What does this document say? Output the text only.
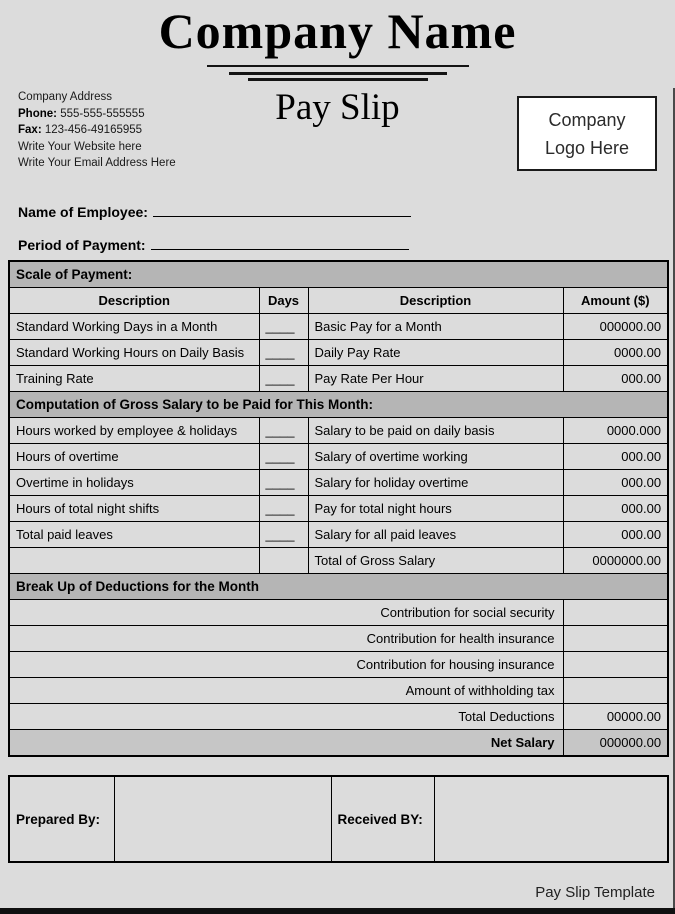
Company Name
Company Address
Phone: 555-555-555555
Fax: 123-456-49165955
Write Your Website here
Write Your Email Address Here
Pay Slip	Company
Logo Here
Name of Employee:
Period of Payment:
Scale of Payment:			
Description	Days	Description	Amount ($)
Standard Working Days in a Month	____	Basic Pay for a Month	000000.00
Standard Working Hours on Daily Basis	____	Daily Pay Rate	0000.00
Training Rate	____	Pay Rate Per Hour	000.00
Computation of Gross Salary to be Paid for This Month:			
Hours worked by employee & holidays	____	Salary to be paid on daily basis	0000.000
Hours of overtime	____	Salary of overtime working	000.00
Overtime in holidays	____	Salary for holiday overtime	000.00
Hours of total night shifts	____	Pay for total night hours	000.00
Total paid leaves	____	Salary for all paid leaves	000.00
		Total of Gross Salary	0000000.00
Break Up of Deductions for the Month			
Contribution for social security			
Contribution for health insurance			
Contribution for housing insurance			
Amount of withholding tax			
Total Deductions			00000.00
Net Salary			000000.00
Prepared By:		Received BY:	
Pay Slip Template
